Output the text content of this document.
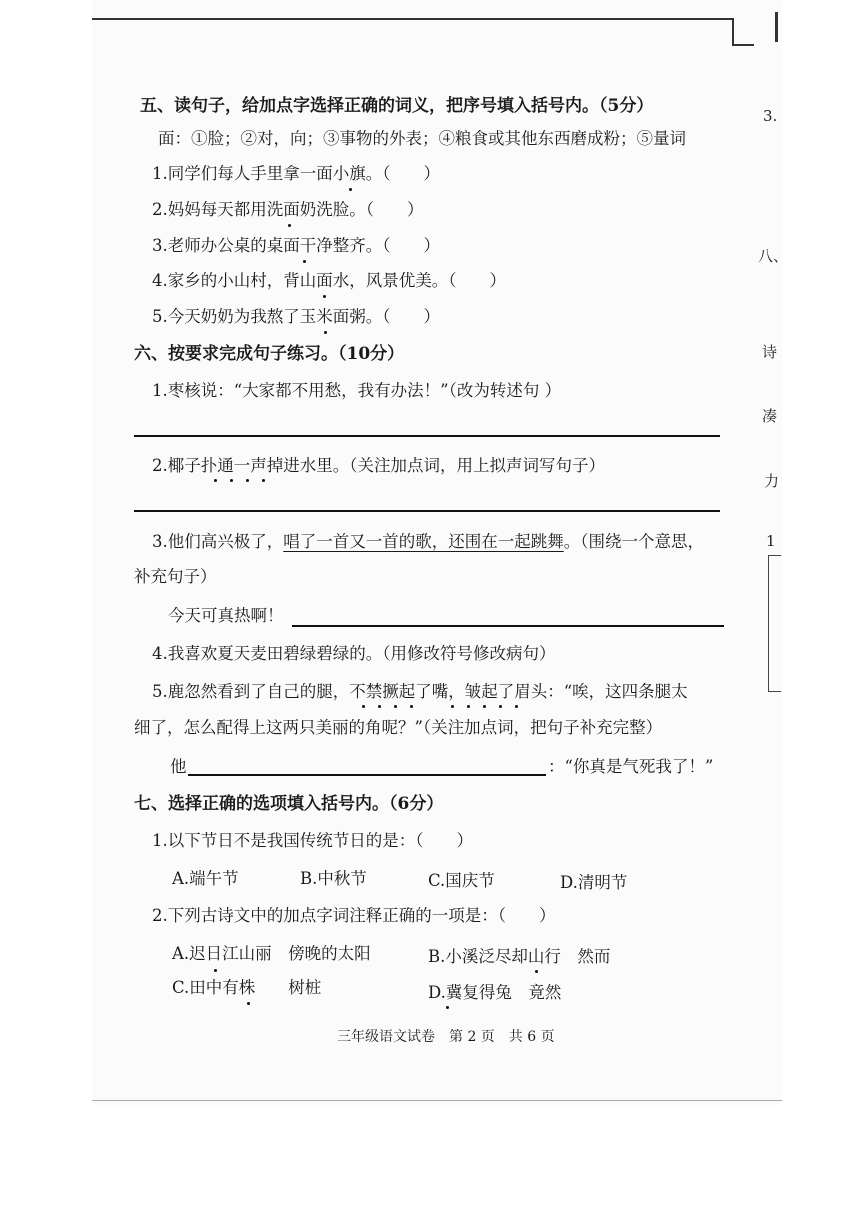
五、读句子，给加点字选择正确的词义，把序号填入括号内。（5分）
面：①脸；②对，向；③事物的外表；④粮食或其他东西磨成粉；⑤量词
1.同学们每人手里拿一面小旗。（　　）
2.妈妈每天都用洗面奶洗脸。（　　）
3.老师办公桌的桌面干净整齐。（　　）
4.家乡的小山村，背山面水，风景优美。（　　）
5.今天奶奶为我熬了玉米面粥。（　　）
六、按要求完成句子练习。（10分）
1.枣核说：“大家都不用愁，我有办法！”（改为转述句 ）
2.椰子扑通一声掉进水里。（关注加点词，用上拟声词写句子）
3.他们高兴极了，唱了一首又一首的歌，还围在一起跳舞。（围绕一个意思，
补充句子）
今天可真热啊！
4.我喜欢夏天麦田碧绿碧绿的。（用修改符号修改病句）
5.鹿忽然看到了自己的腿，不禁撅起了嘴，皱起了眉头：“唉，这四条腿太
细了，怎么配得上这两只美丽的角呢？”（关注加点词，把句子补充完整）
他	：“你真是气死我了！”
七、选择正确的选项填入括号内。（6分）
1.以下节日不是我国传统节日的是：（　　）
A.端午节	B.中秋节	C.国庆节	D.清明节
2.下列古诗文中的加点字词注释正确的一项是：（　　）
A.迟日江山丽　傍晚的太阳	B.小溪泛尽却山行　然而
C.田中有株　　树桩	D.冀复得兔　竟然
三年级语文试卷　第 2 页　共 6 页
3.
八、
诗
凑
力
1
